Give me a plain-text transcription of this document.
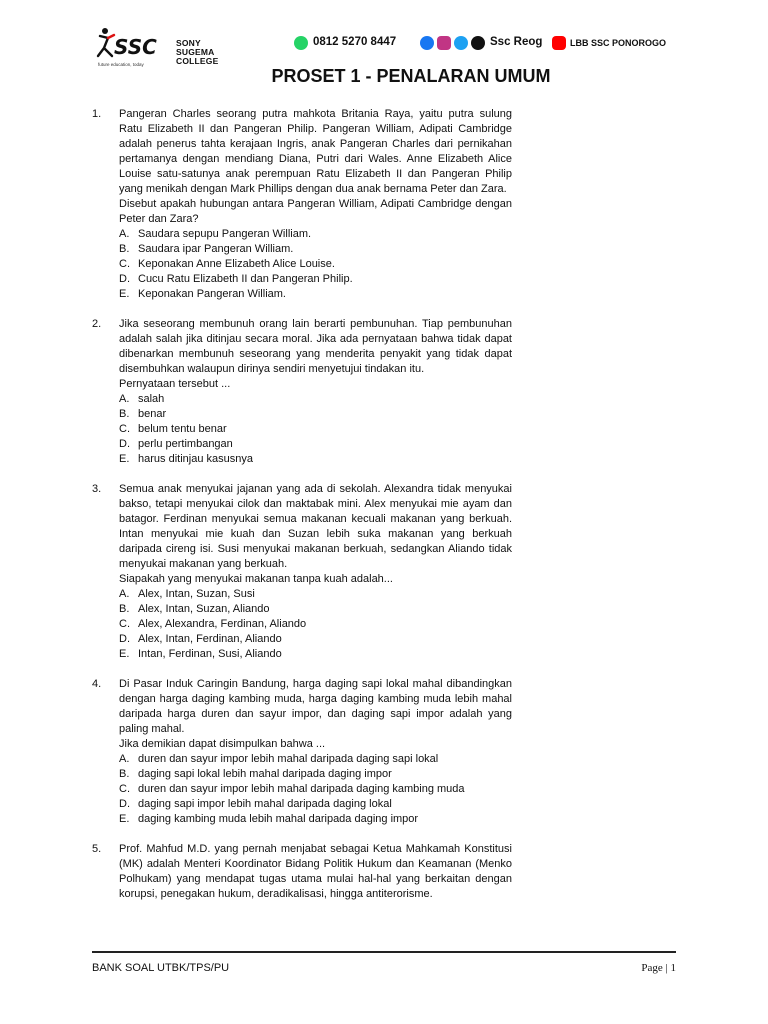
SSC SONY SUGEMA COLLEGE
future education, today
0812 5270 8447	Ssc Reog	LBB SSC PONOROGO
PROSET 1 - PENALARAN UMUM
1. Pangeran Charles seorang putra mahkota Britania Raya, yaitu putra sulung Ratu Elizabeth II dan Pangeran Philip. Pangeran William, Adipati Cambridge adalah penerus tahta kerajaan Ingris, anak Pangeran Charles dari pernikahan pertamanya dengan mendiang Diana, Putri dari Wales. Anne Elizabeth Alice Louise satu-satunya anak perempuan Ratu Elizabeth II dan Pangeran Philip yang menikah dengan Mark Phillips dengan dua anak bernama Peter dan Zara.

Disebut apakah hubungan antara Pangeran William, Adipati Cambridge dengan Peter dan Zara?

A. Saudara sepupu Pangeran William.
B. Saudara ipar Pangeran William.
C. Keponakan Anne Elizabeth Alice Louise.
D. Cucu Ratu Elizabeth II dan Pangeran Philip.
E. Keponakan Pangeran William.
2. Jika seseorang membunuh orang lain berarti pembunuhan. Tiap pembunuhan adalah salah jika ditinjau secara moral. Jika ada pernyataan bahwa tidak dapat dibenarkan membunuh seseorang yang menderita penyakit yang tidak dapat disembuhkan walaupun dirinya sendiri menyetujui tindakan itu.

Pernyataan tersebut ...

A. salah
B. benar
C. belum tentu benar
D. perlu pertimbangan
E. harus ditinjau kasusnya
3. Semua anak menyukai jajanan yang ada di sekolah. Alexandra tidak menyukai bakso, tetapi menyukai cilok dan maktabak mini. Alex menyukai mie ayam dan batagor. Ferdinan menyukai semua makanan kecuali makanan yang berkuah. Intan menyukai mie kuah dan Suzan lebih suka makanan yang berkuah daripada cireng isi. Susi menyukai makanan berkuah, sedangkan Aliando tidak menyukai makanan yang berkuah.

Siapakah yang menyukai makanan tanpa kuah adalah...

A. Alex, Intan, Suzan, Susi
B. Alex, Intan, Suzan, Aliando
C. Alex, Alexandra, Ferdinan, Aliando
D. Alex, Intan, Ferdinan, Aliando
E. Intan, Ferdinan, Susi, Aliando
4. Di Pasar Induk Caringin Bandung, harga daging sapi lokal mahal dibandingkan dengan harga daging kambing muda, harga daging kambing muda lebih mahal daripada harga duren dan sayur impor, dan daging sapi impor adalah yang paling mahal.

Jika demikian dapat disimpulkan bahwa ...

A. duren dan sayur impor lebih mahal daripada daging sapi lokal
B. daging sapi lokal lebih mahal daripada daging impor
C. duren dan sayur impor lebih mahal daripada daging kambing muda
D. daging sapi impor lebih mahal daripada daging lokal
E. daging kambing muda lebih mahal daripada daging impor
5. Prof. Mahfud M.D. yang pernah menjabat sebagai Ketua Mahkamah Konstitusi (MK) adalah Menteri Koordinator Bidang Politik Hukum dan Keamanan (Menko Polhukam) yang mendapat tugas utama mulai hal-hal yang berkaitan dengan korupsi, penegakan hukum, deradikalisasi, hingga antiterorisme.

BANK SOAL UTBK/TPS/PU	Page | 1
